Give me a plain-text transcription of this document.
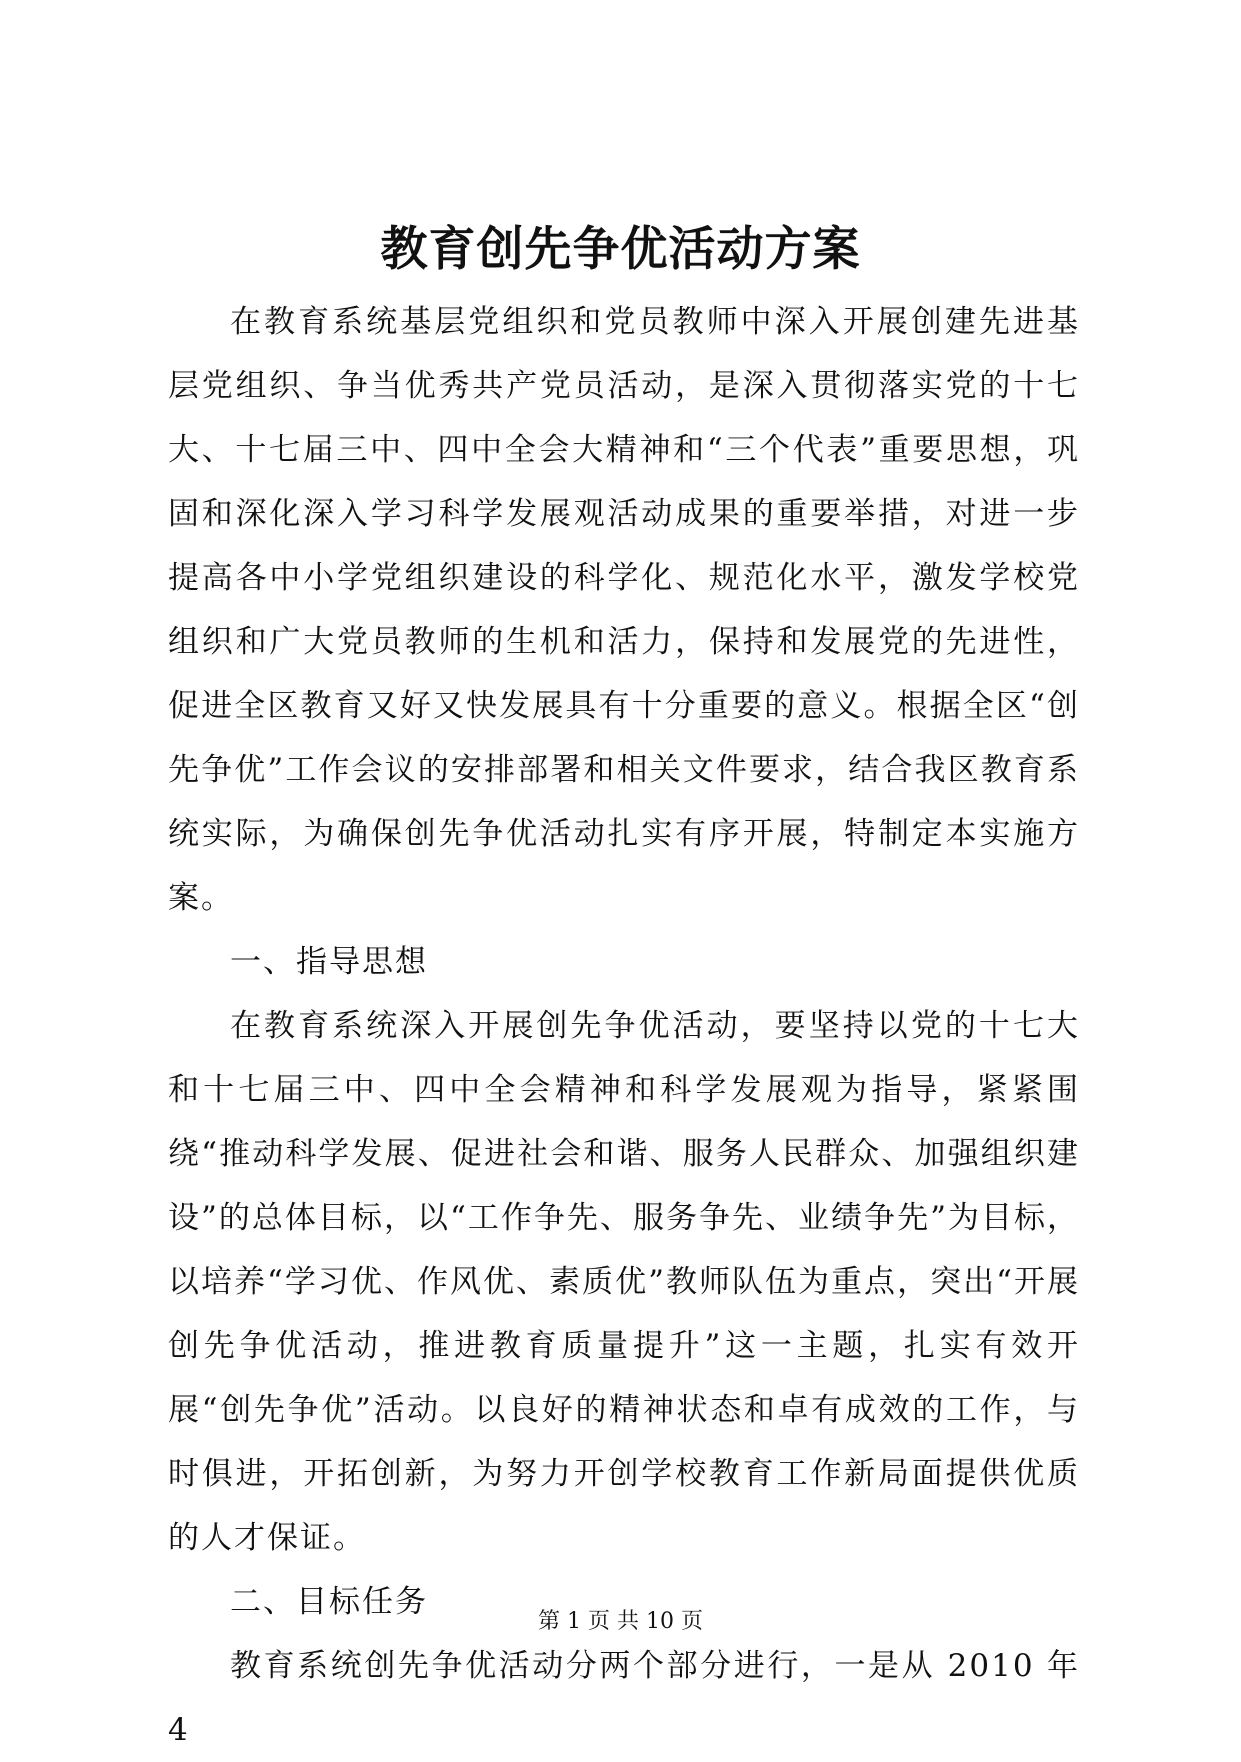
教育创先争优活动方案

在教育系统基层党组织和党员教师中深入开展创建先进基层党组织、争当优秀共产党员活动，是深入贯彻落实党的十七大、十七届三中、四中全会大精神和“三个代表”重要思想，巩固和深化深入学习科学发展观活动成果的重要举措，对进一步提高各中小学党组织建设的科学化、规范化水平，激发学校党组织和广大党员教师的生机和活力，保持和发展党的先进性，促进全区教育又好又快发展具有十分重要的意义。根据全区“创先争优”工作会议的安排部署和相关文件要求，结合我区教育系统实际，为确保创先争优活动扎实有序开展，特制定本实施方案。

一、指导思想

在教育系统深入开展创先争优活动，要坚持以党的十七大和十七届三中、四中全会精神和科学发展观为指导，紧紧围绕“推动科学发展、促进社会和谐、服务人民群众、加强组织建设”的总体目标，以“工作争先、服务争先、业绩争先”为目标，以培养“学习优、作风优、素质优”教师队伍为重点，突出“开展创先争优活动，推进教育质量提升”这一主题，扎实有效开展“创先争优”活动。以良好的精神状态和卓有成效的工作，与时俱进，开拓创新，为努力开创学校教育工作新局面提供优质的人才保证。

二、目标任务

教育系统创先争优活动分两个部分进行，一是从 2010 年 4

第 1 页 共 10 页
